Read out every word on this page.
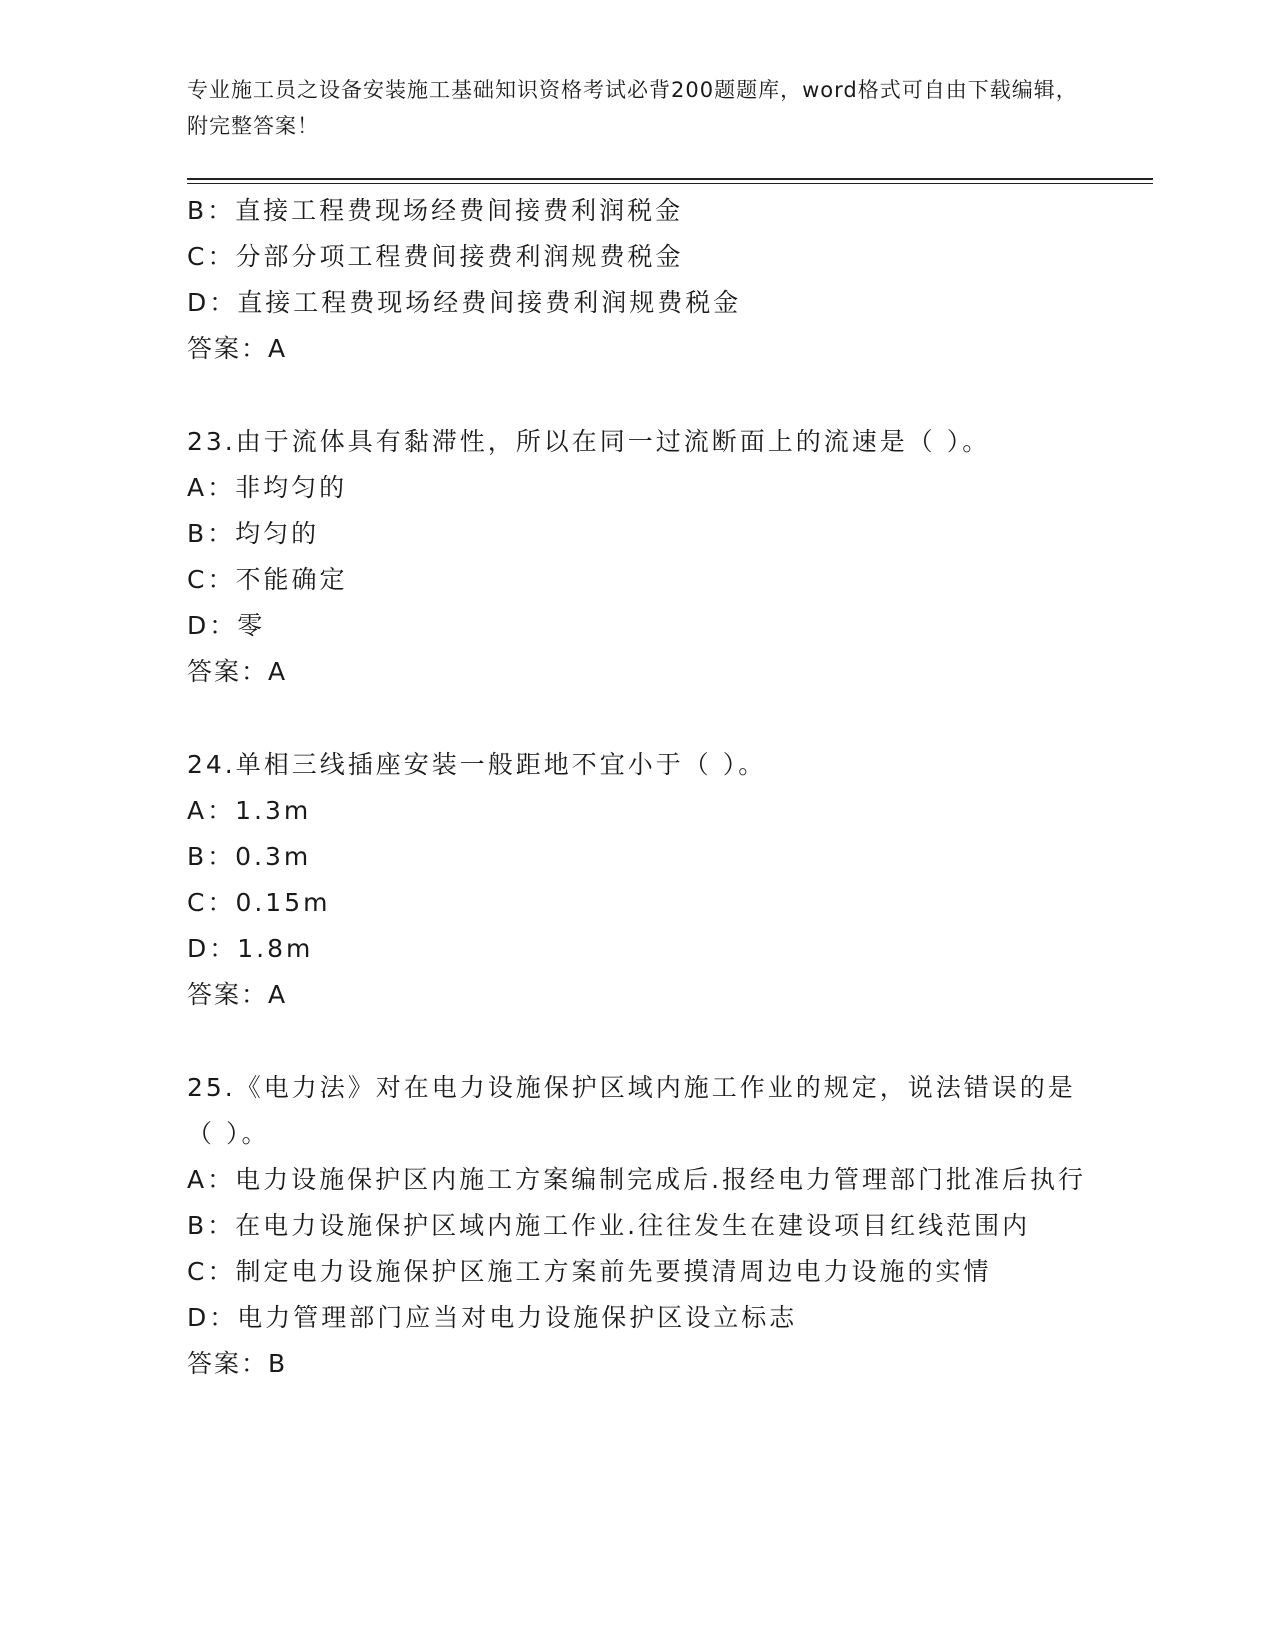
专业施工员之设备安装施工基础知识资格考试必背200题题库，word格式可自由下载编辑，附完整答案！
B：直接工程费现场经费间接费利润税金
C：分部分项工程费间接费利润规费税金
D：直接工程费现场经费间接费利润规费税金
答案：A
23.由于流体具有黏滞性，所以在同一过流断面上的流速是（ ）。
A：非均匀的
B：均匀的
C：不能确定
D：零
答案：A
24.单相三线插座安装一般距地不宜小于（ ）。
A：1.3m
B：0.3m
C：0.15m
D：1.8m
答案：A
25.《电力法》对在电力设施保护区域内施工作业的规定，说法错误的是（ ）。
A：电力设施保护区内施工方案编制完成后.报经电力管理部门批准后执行
B：在电力设施保护区域内施工作业.往往发生在建设项目红线范围内
C：制定电力设施保护区施工方案前先要摸清周边电力设施的实情
D：电力管理部门应当对电力设施保护区设立标志
答案：B
